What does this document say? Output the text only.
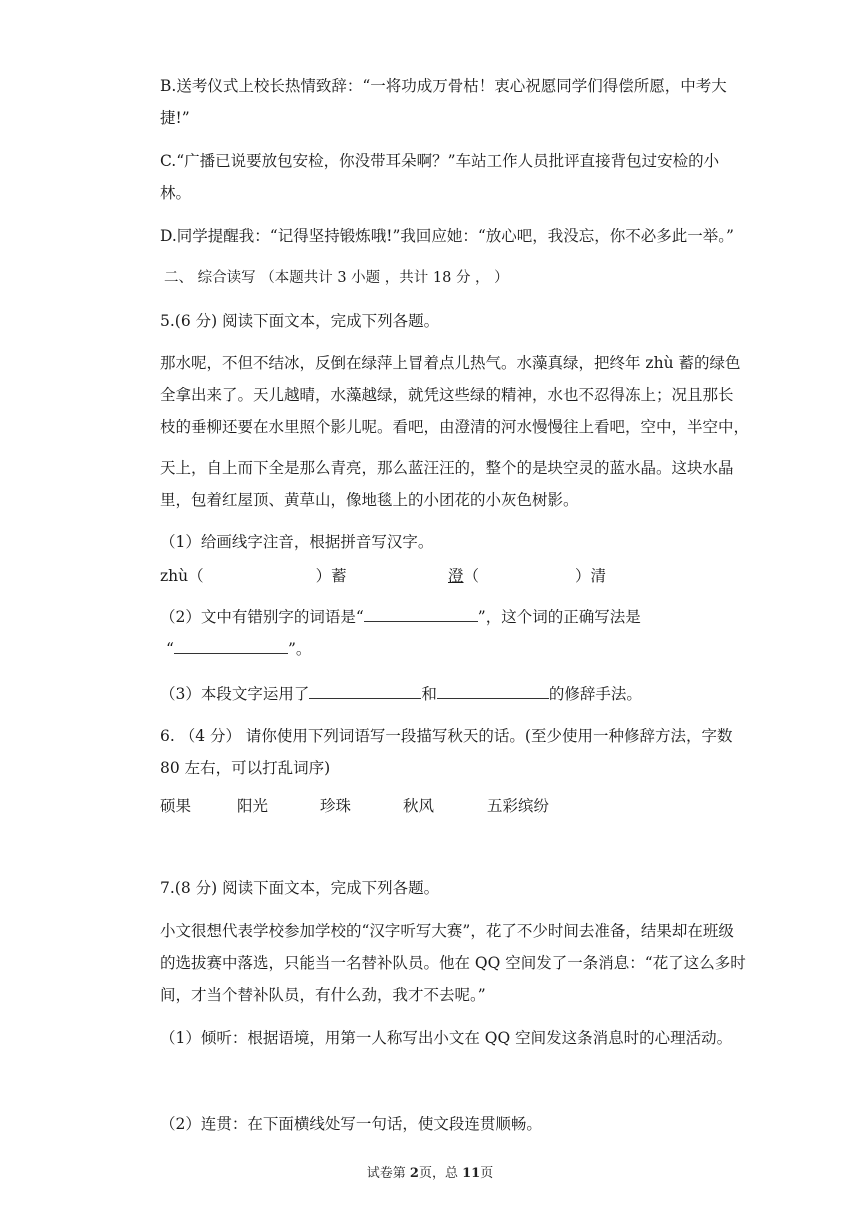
B.送考仪式上校长热情致辞：“一将功成万骨枯！衷心祝愿同学们得偿所愿，中考大
捷!”
C.“广播已说要放包安检，你没带耳朵啊？”车站工作人员批评直接背包过安检的小
林。
D.同学提醒我：“记得坚持锻炼哦!”我回应她：“放心吧，我没忘，你不必多此一举。”
二、 综合读写 （本题共计 3 小题 ，共计 18 分 ， ）
5.(6 分) 阅读下面文本，完成下列各题。
那水呢，不但不结冰，反倒在绿萍上冒着点儿热气。水藻真绿，把终年 zhù 蓄的绿色
全拿出来了。天儿越晴，水藻越绿，就凭这些绿的精神，水也不忍得冻上；况且那长
枝的垂柳还要在水里照个影儿呢。看吧，由澄清的河水慢慢往上看吧，空中，半空中，
天上，自上而下全是那么青亮，那么蓝汪汪的，整个的是块空灵的蓝水晶。这块水晶
里，包着红屋顶、黄草山，像地毯上的小团花的小灰色树影。
（1）给画线字注音，根据拼音写汉字。
zhù（	）蓄	澄（	）清
（2）文中有错别字的词语是“	”，这个词的正确写法是
“	”。
（3）本段文字运用了	和	的修辞手法。
6. （4 分） 请你使用下列词语写一段描写秋天的话。(至少使用一种修辞方法，字数
80 左右，可以打乱词序)
硕果	阳光	珍珠	秋风	五彩缤纷
7.(8 分) 阅读下面文本，完成下列各题。
小文很想代表学校参加学校的“汉字听写大赛”，花了不少时间去准备，结果却在班级
的选拔赛中落选，只能当一名替补队员。他在 QQ 空间发了一条消息：“花了这么多时
间，才当个替补队员，有什么劲，我才不去呢。”
（1）倾听：根据语境，用第一人称写出小文在 QQ 空间发这条消息时的心理活动。
（2）连贯：在下面横线处写一句话，使文段连贯顺畅。
试卷第 2页，总 11页
